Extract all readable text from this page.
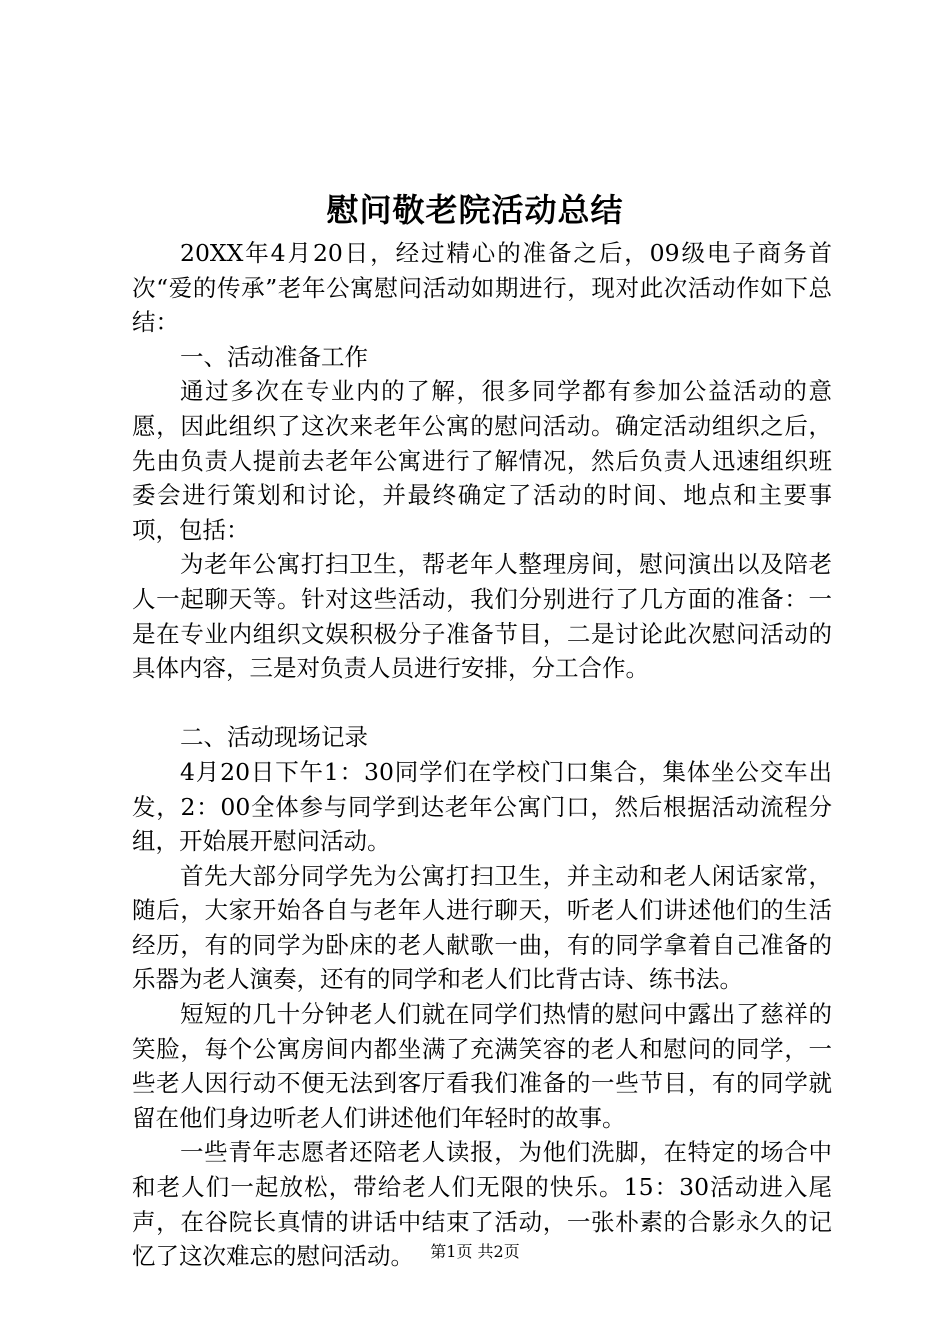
慰问敬老院活动总结

20XX年4月20日，经过精心的准备之后，09级电子商务首次“爱的传承”老年公寓慰问活动如期进行，现对此次活动作如下总结：

一、活动准备工作

通过多次在专业内的了解，很多同学都有参加公益活动的意愿，因此组织了这次来老年公寓的慰问活动。确定活动组织之后，先由负责人提前去老年公寓进行了解情况，然后负责人迅速组织班委会进行策划和讨论，并最终确定了活动的时间、地点和主要事项，包括：

为老年公寓打扫卫生，帮老年人整理房间，慰问演出以及陪老人一起聊天等。针对这些活动，我们分别进行了几方面的准备：一是在专业内组织文娱积极分子准备节目，二是讨论此次慰问活动的具体内容，三是对负责人员进行安排，分工合作。

二、活动现场记录

4月20日下午1：30同学们在学校门口集合，集体坐公交车出发，2：00全体参与同学到达老年公寓门口，然后根据活动流程分组，开始展开慰问活动。

首先大部分同学先为公寓打扫卫生，并主动和老人闲话家常，随后，大家开始各自与老年人进行聊天，听老人们讲述他们的生活经历，有的同学为卧床的老人献歌一曲，有的同学拿着自己准备的乐器为老人演奏，还有的同学和老人们比背古诗、练书法。

短短的几十分钟老人们就在同学们热情的慰问中露出了慈祥的笑脸，每个公寓房间内都坐满了充满笑容的老人和慰问的同学，一些老人因行动不便无法到客厅看我们准备的一些节目，有的同学就留在他们身边听老人们讲述他们年轻时的故事。

一些青年志愿者还陪老人读报，为他们洗脚，在特定的场合中和老人们一起放松，带给老人们无限的快乐。15：30活动进入尾声，在谷院长真情的讲话中结束了活动，一张朴素的合影永久的记忆了这次难忘的慰问活动。	第1页 共2页
